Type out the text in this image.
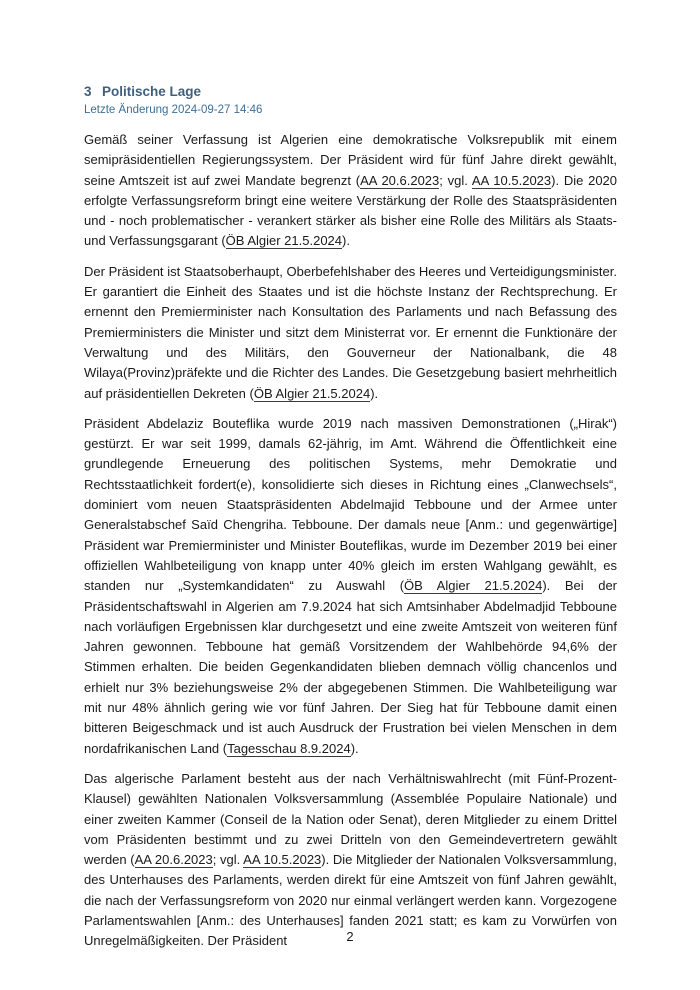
3 Politische Lage
Letzte Änderung 2024-09-27 14:46

Gemäß seiner Verfassung ist Algerien eine demokratische Volksrepublik mit einem semipräsidentiellen Regierungssystem. Der Präsident wird für fünf Jahre direkt gewählt, seine Amtszeit ist auf zwei Mandate begrenzt (AA 20.6.2023; vgl. AA 10.5.2023). Die 2020 erfolgte Verfassungsreform bringt eine weitere Verstärkung der Rolle des Staatspräsidenten und - noch problematischer - verankert stärker als bisher eine Rolle des Militärs als Staats- und Verfassungsgarant (ÖB Algier 21.5.2024).

Der Präsident ist Staatsoberhaupt, Oberbefehlshaber des Heeres und Verteidigungsminister. Er garantiert die Einheit des Staates und ist die höchste Instanz der Rechtsprechung. Er ernennt den Premierminister nach Konsultation des Parlaments und nach Befassung des Premierministers die Minister und sitzt dem Ministerrat vor. Er ernennt die Funktionäre der Verwaltung und des Militärs, den Gouverneur der Nationalbank, die 48 Wilaya(Provinz)präfekte und die Richter des Landes. Die Gesetzgebung basiert mehrheitlich auf präsidentiellen Dekreten (ÖB Algier 21.5.2024).

Präsident Abdelaziz Bouteflika wurde 2019 nach massiven Demonstrationen („Hirak“) gestürzt. Er war seit 1999, damals 62-jährig, im Amt. Während die Öffentlichkeit eine grundlegende Erneuerung des politischen Systems, mehr Demokratie und Rechtsstaatlichkeit fordert(e), konsolidierte sich dieses in Richtung eines „Clanwechsels“, dominiert vom neuen Staatspräsidenten Abdelmajid Tebboune und der Armee unter Generalstabschef Saïd Chengriha. Tebboune. Der damals neue [Anm.: und gegenwärtige] Präsident war Premierminister und Minister Bouteflikas, wurde im Dezember 2019 bei einer offiziellen Wahlbeteiligung von knapp unter 40% gleich im ersten Wahlgang gewählt, es standen nur „Systemkandidaten“ zu Auswahl (ÖB Algier 21.5.2024). Bei der Präsidentschaftswahl in Algerien am 7.9.2024 hat sich Amtsinhaber Abdelmadjid Tebboune nach vorläufigen Ergebnissen klar durchgesetzt und eine zweite Amtszeit von weiteren fünf Jahren gewonnen. Tebboune hat gemäß Vorsitzendem der Wahlbehörde 94,6% der Stimmen erhalten. Die beiden Gegenkandidaten blieben demnach völlig chancenlos und erhielt nur 3% beziehungsweise 2% der abgegebenen Stimmen. Die Wahlbeteiligung war mit nur 48% ähnlich gering wie vor fünf Jahren. Der Sieg hat für Tebboune damit einen bitteren Beigeschmack und ist auch Ausdruck der Frustration bei vielen Menschen in dem nordafrikanischen Land (Tagesschau 8.9.2024).

Das algerische Parlament besteht aus der nach Verhältniswahlrecht (mit Fünf-Prozent-Klausel) gewählten Nationalen Volksversammlung (Assemblée Populaire Nationale) und einer zweiten Kammer (Conseil de la Nation oder Senat), deren Mitglieder zu einem Drittel vom Präsidenten bestimmt und zu zwei Dritteln von den Gemeindevertretern gewählt werden (AA 20.6.2023; vgl. AA 10.5.2023). Die Mitglieder der Nationalen Volksversammlung, des Unterhauses des Parlaments, werden direkt für eine Amtszeit von fünf Jahren gewählt, die nach der Verfassungsreform von 2020 nur einmal verlängert werden kann. Vorgezogene Parlamentswahlen [Anm.: des Unterhauses] fanden 2021 statt; es kam zu Vorwürfen von Unregelmäßigkeiten. Der Präsident	2
